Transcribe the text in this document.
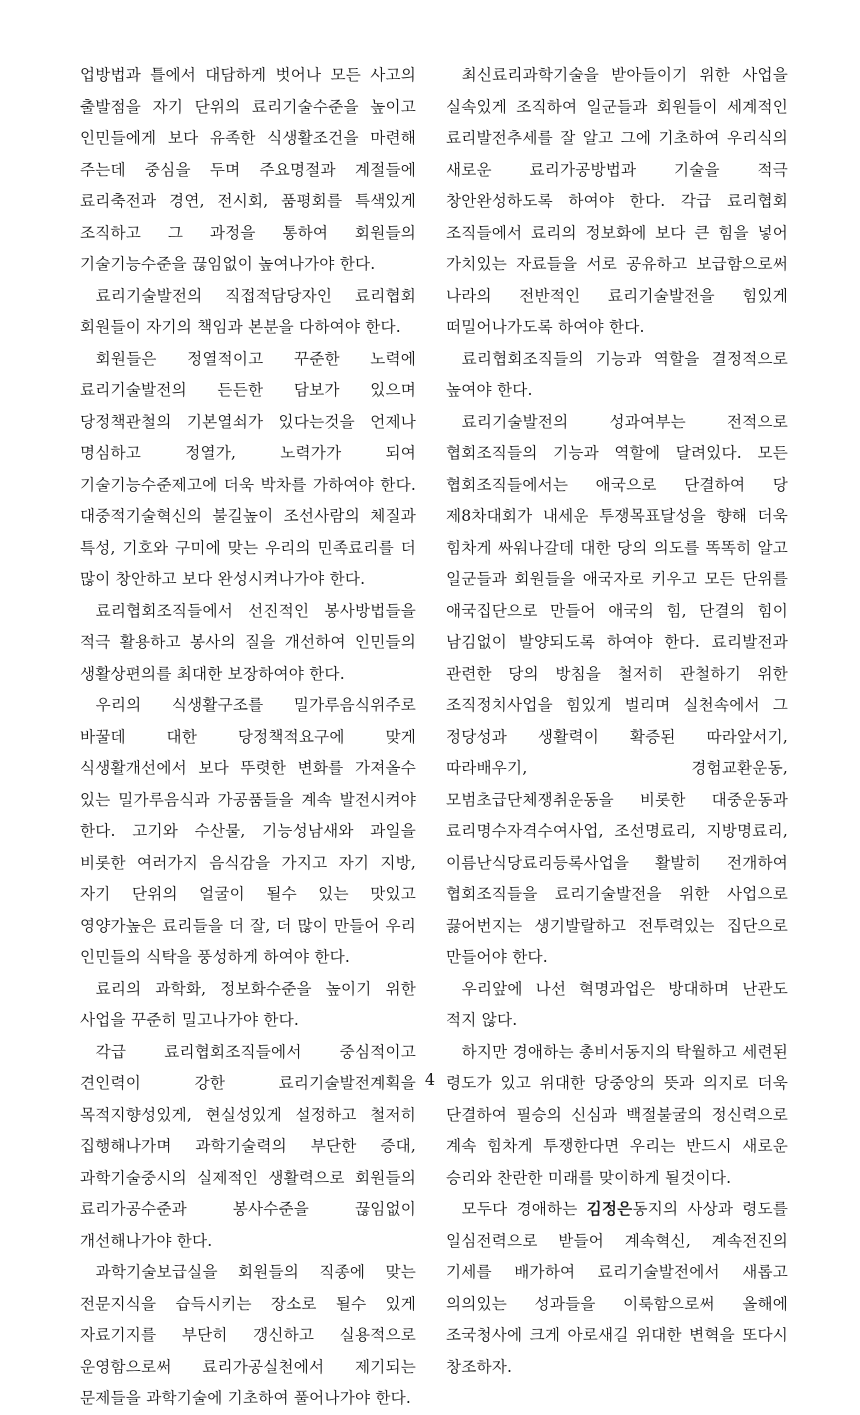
업방법과 틀에서 대담하게 벗어나 모든 사고의 출발점을 자기 단위의 료리기술수준을 높이고 인민들에게 보다 유족한 식생활조건을 마련해 주는데 중심을 두며 주요명절과 계절들에 료리축전과 경연, 전시회, 품평회를 특색있게 조직하고 그 과정을 통하여 회원들의 기술기능수준을 끊임없이 높여나가야 한다.

료리기술발전의 직접적담당자인 료리협회 회원들이 자기의 책임과 본분을 다하여야 한다.

회원들은 정열적이고 꾸준한 노력에 료리기술발전의 든든한 담보가 있으며 당정책관철의 기본열쇠가 있다는것을 언제나 명심하고 정열가, 노력가가 되여 기술기능수준제고에 더욱 박차를 가하여야 한다. 대중적기술혁신의 불길높이 조선사람의 체질과 특성, 기호와 구미에 맞는 우리의 민족료리를 더 많이 창안하고 보다 완성시켜나가야 한다.

료리협회조직들에서 선진적인 봉사방법들을 적극 활용하고 봉사의 질을 개선하여 인민들의 생활상편의를 최대한 보장하여야 한다.

우리의 식생활구조를 밀가루음식위주로 바꿀데 대한 당정책적요구에 맞게 식생활개선에서 보다 뚜렷한 변화를 가져올수 있는 밀가루음식과 가공품들을 계속 발전시켜야 한다. 고기와 수산물, 기능성남새와 과일을 비롯한 여러가지 음식감을 가지고 자기 지방, 자기 단위의 얼굴이 될수 있는 맛있고 영양가높은 료리들을 더 잘, 더 많이 만들어 우리 인민들의 식탁을 풍성하게 하여야 한다.

료리의 과학화, 정보화수준을 높이기 위한 사업을 꾸준히 밀고나가야 한다.

각급 료리협회조직들에서 중심적이고 견인력이 강한 료리기술발전계획을 목적지향성있게, 현실성있게 설정하고 철저히 집행해나가며 과학기술력의 부단한 증대, 과학기술중시의 실제적인 생활력으로 회원들의 료리가공수준과 봉사수준을 끊임없이 개선해나가야 한다.

과학기술보급실을 회원들의 직종에 맞는 전문지식을 습득시키는 장소로 될수 있게 자료기지를 부단히 갱신하고 실용적으로 운영함으로써 료리가공실천에서 제기되는 문제들을 과학기술에 기초하여 풀어나가야 한다.

최신료리과학기술을 받아들이기 위한 사업을 실속있게 조직하여 일군들과 회원들이 세계적인 료리발전추세를 잘 알고 그에 기초하여 우리식의 새로운 료리가공방법과 기술을 적극 창안완성하도록 하여야 한다. 각급 료리협회 조직들에서 료리의 정보화에 보다 큰 힘을 넣어 가치있는 자료들을 서로 공유하고 보급함으로써 나라의 전반적인 료리기술발전을 힘있게 떠밀어나가도록 하여야 한다.

료리협회조직들의 기능과 역할을 결정적으로 높여야 한다.

료리기술발전의 성과여부는 전적으로 협회조직들의 기능과 역할에 달려있다. 모든 협회조직들에서는 애국으로 단결하여 당 제8차대회가 내세운 투쟁목표달성을 향해 더욱 힘차게 싸워나갈데 대한 당의 의도를 똑똑히 알고 일군들과 회원들을 애국자로 키우고 모든 단위를 애국집단으로 만들어 애국의 힘, 단결의 힘이 남김없이 발양되도록 하여야 한다. 료리발전과 관련한 당의 방침을 철저히 관철하기 위한 조직정치사업을 힘있게 벌리며 실천속에서 그 정당성과 생활력이 확증된 따라앞서기, 따라배우기, 경험교환운동, 모범초급단체쟁취운동을 비롯한 대중운동과 료리명수자격수여사업, 조선명료리, 지방명료리, 이름난식당료리등록사업을 활발히 전개하여 협회조직들을 료리기술발전을 위한 사업으로 끓어번지는 생기발랄하고 전투력있는 집단으로 만들어야 한다.

우리앞에 나선 혁명과업은 방대하며 난관도 적지 않다.

하지만 경애하는 총비서동지의 탁월하고 세련된 령도가 있고 위대한 당중앙의 뜻과 의지로 더욱 단결하여 필승의 신심과 백절불굴의 정신력으로 계속 힘차게 투쟁한다면 우리는 반드시 새로운 승리와 찬란한 미래를 맞이하게 될것이다.

모두다 경애하는 김정은동지의 사상과 령도를 일심전력으로 받들어 계속혁신, 계속전진의 기세를 배가하여 료리기술발전에서 새롭고 의의있는 성과들을 이룩함으로써 올해에 조국청사에 크게 아로새길 위대한 변혁을 또다시 창조하자.

4
